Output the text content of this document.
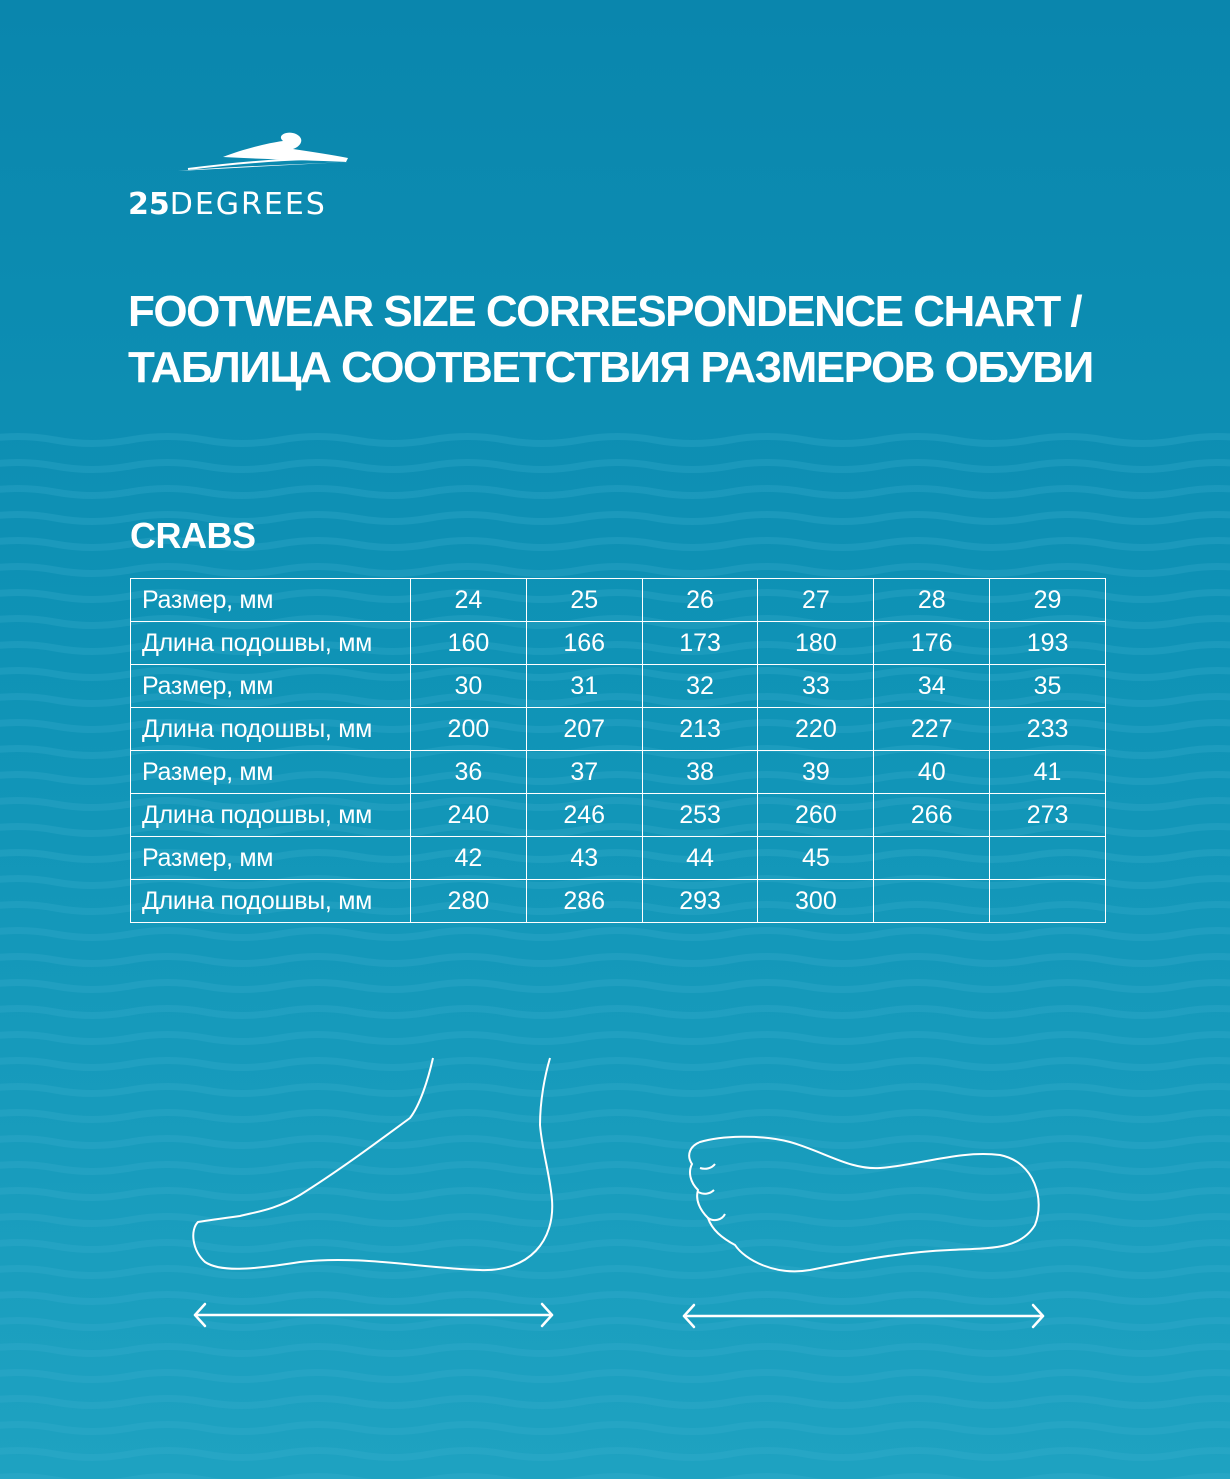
25DEGREES
FOOTWEAR SIZE CORRESPONDENCE CHART /
ТАБЛИЦА СООТВЕТСТВИЯ РАЗМЕРОВ ОБУВИ
CRABS
Размер, мм	24	25	26	27	28	29
Длина подошвы, мм	160	166	173	180	176	193
Размер, мм	30	31	32	33	34	35
Длина подошвы, мм	200	207	213	220	227	233
Размер, мм	36	37	38	39	40	41
Длина подошвы, мм	240	246	253	260	266	273
Размер, мм	42	43	44	45		
Длина подошвы, мм	280	286	293	300		
